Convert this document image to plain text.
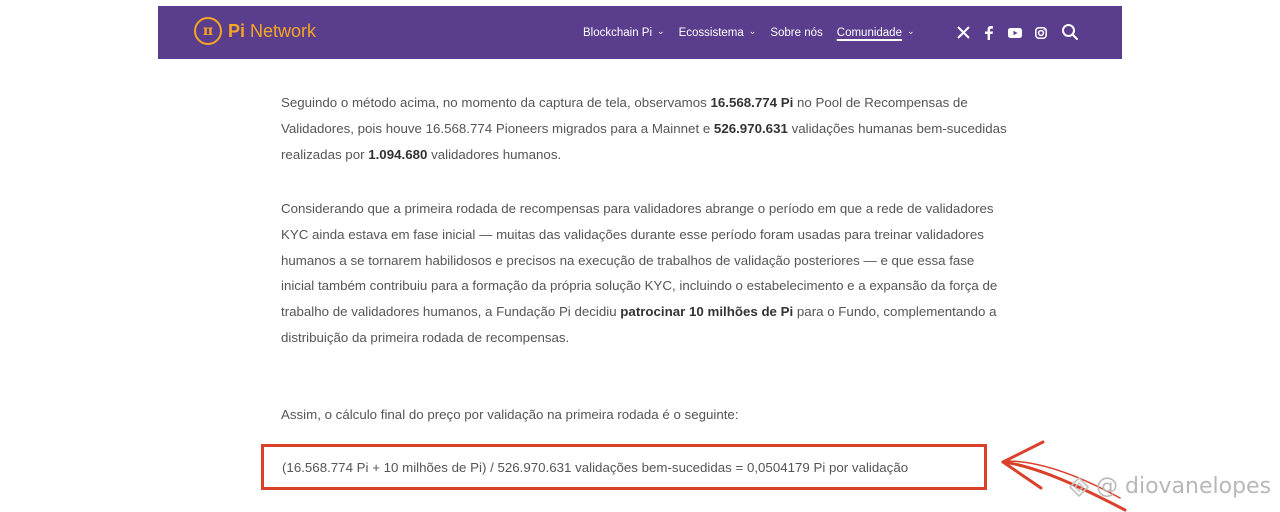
π Pi Network	Blockchain Pi ⌄ Ecossistema ⌄ Sobre nós Comunidade ⌄

Seguindo o método acima, no momento da captura de tela, observamos 16.568.774 Pi no Pool de Recompensas de Validadores, pois houve 16.568.774 Pioneers migrados para a Mainnet e 526.970.631 validações humanas bem-sucedidas realizadas por 1.094.680 validadores humanos.

Considerando que a primeira rodada de recompensas para validadores abrange o período em que a rede de validadores KYC ainda estava em fase inicial — muitas das validações durante esse período foram usadas para treinar validadores humanos a se tornarem habilidosos e precisos na execução de trabalhos de validação posteriores — e que essa fase inicial também contribuiu para a formação da própria solução KYC, incluindo o estabelecimento e a expansão da força de trabalho de validadores humanos, a Fundação Pi decidiu patrocinar 10 milhões de Pi para o Fundo, complementando a distribuição da primeira rodada de recompensas.

Assim, o cálculo final do preço por validação na primeira rodada é o seguinte:

(16.568.774 Pi + 10 milhões de Pi) / 526.970.631 validações bem-sucedidas = 0,0504179 Pi por validação
@ diovanelopes
